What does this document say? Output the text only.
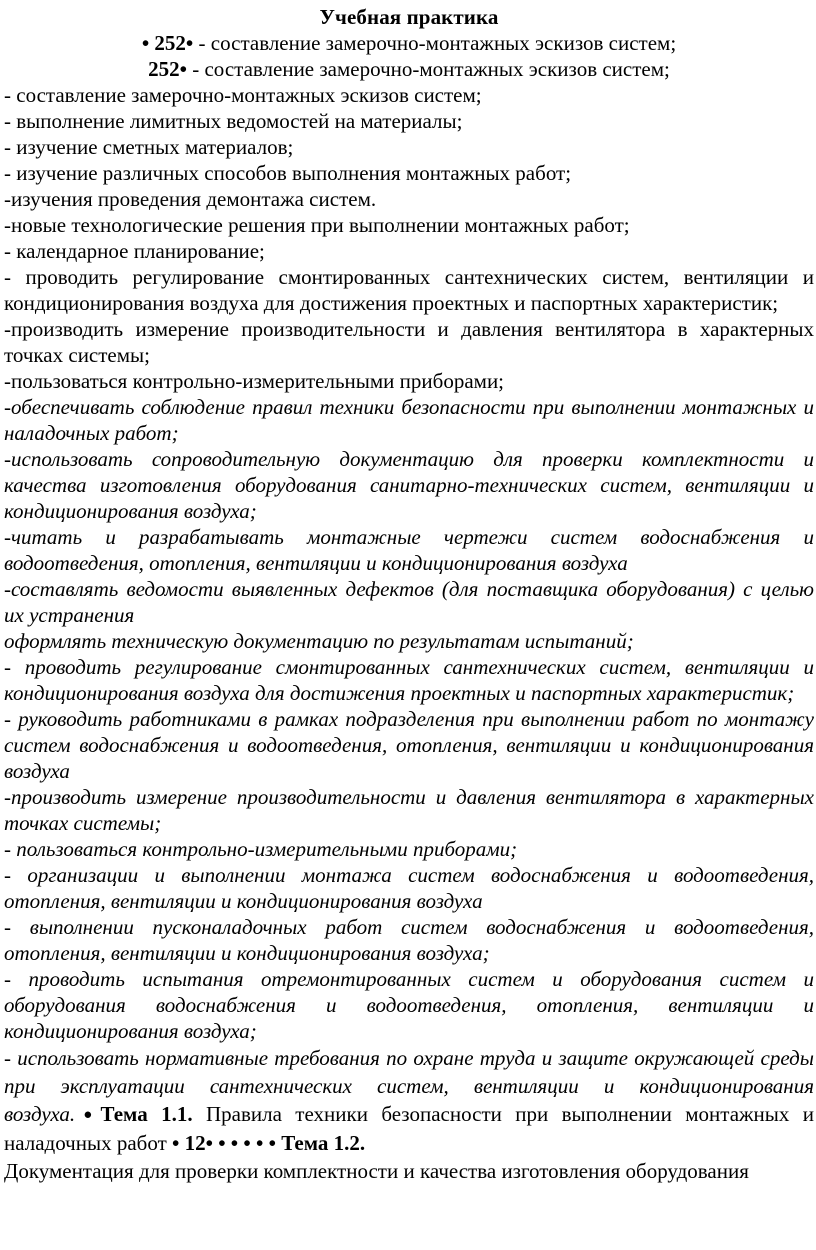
Учебная практика

• 252• - составление замерочно-монтажных эскизов систем;

252• - составление замерочно-монтажных эскизов систем;

- составление замерочно-монтажных эскизов систем;

- выполнение лимитных ведомостей на материалы;

- изучение сметных материалов;

- изучение различных способов выполнения монтажных работ;

-изучения проведения демонтажа систем.

-новые технологические решения при выполнении монтажных работ;

- календарное планирование;

- проводить регулирование смонтированных сантехнических систем, вентиляции и кондиционирования воздуха для достижения проектных и паспортных характеристик;

-производить измерение производительности и давления вентилятора в характерных точках системы;

-пользоваться контрольно-измерительными приборами;

-обеспечивать соблюдение правил техники безопасности при выполнении монтажных и наладочных работ;

-использовать сопроводительную документацию для проверки комплектности и качества изготовления оборудования санитарно-технических систем, вентиляции и кондиционирования воздуха;

-читать и разрабатывать монтажные чертежи систем водоснабжения и водоотведения, отопления, вентиляции и кондиционирования воздуха

-составлять ведомости выявленных дефектов (для поставщика оборудования) с целью их устранения

оформлять техническую документацию по результатам испытаний;

- проводить регулирование смонтированных сантехнических систем, вентиляции и кондиционирования воздуха для достижения проектных и паспортных характеристик;

- руководить работниками в рамках подразделения при выполнении работ по монтажу систем водоснабжения и водоотведения, отопления, вентиляции и кондиционирования воздуха

-производить измерение производительности и давления вентилятора в характерных точках системы;

- пользоваться контрольно-измерительными приборами;

- организации и выполнении монтажа систем водоснабжения и водоотведения, отопления, вентиляции и кондиционирования воздуха

- выполнении пусконаладочных работ систем водоснабжения и водоотведения, отопления, вентиляции и кондиционирования воздуха;

- проводить испытания отремонтированных систем и оборудования систем и оборудования водоснабжения и водоотведения, отопления, вентиляции и кондиционирования воздуха;

- использовать нормативные требования по охране труда и защите окружающей среды при эксплуатации сантехнических систем, вентиляции и кондиционирования воздуха.●Тема 1.1. Правила техники безопасности при выполнении монтажных и наладочных работ • 12• • • • • • Тема 1.2.

Документация для проверки комплектности и качества изготовления оборудования
